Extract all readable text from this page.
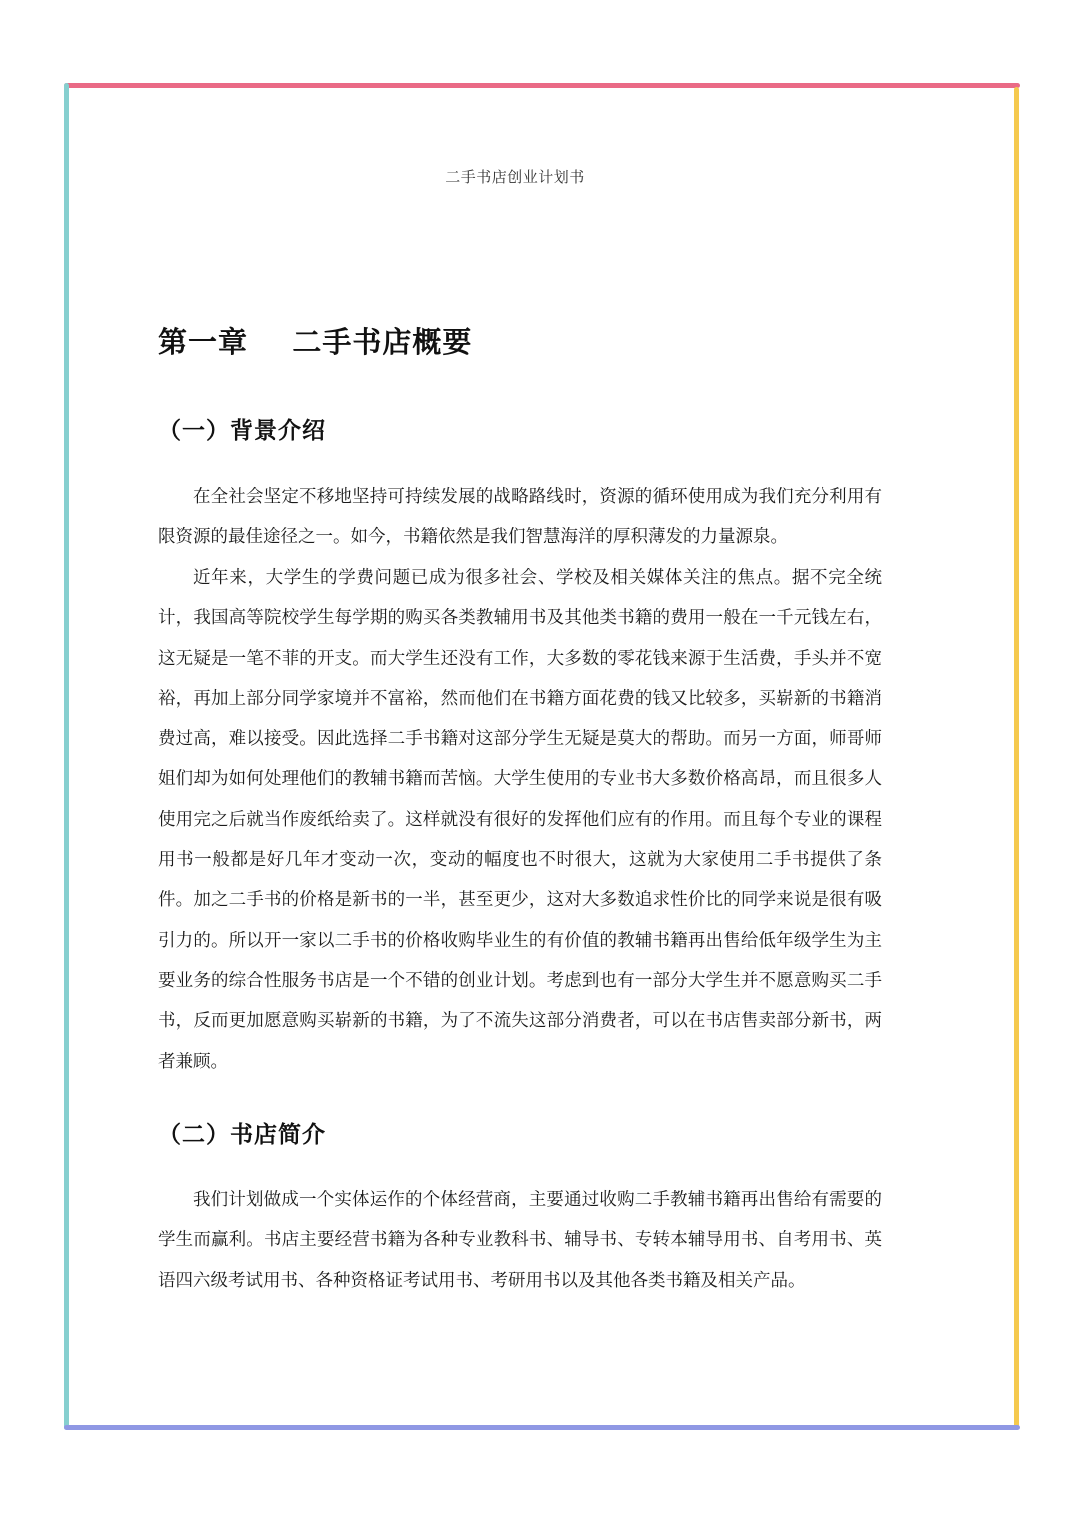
二手书店创业计划书
第一章    二手书店概要
（一）背景介绍

在全社会坚定不移地坚持可持续发展的战略路线时，资源的循环使用成为我们充分利用有限资源的最佳途径之一。如今，书籍依然是我们智慧海洋的厚积薄发的力量源泉。

近年来，大学生的学费问题已成为很多社会、学校及相关媒体关注的焦点。据不完全统计，我国高等院校学生每学期的购买各类教辅用书及其他类书籍的费用一般在一千元钱左右，这无疑是一笔不菲的开支。而大学生还没有工作，大多数的零花钱来源于生活费，手头并不宽裕，再加上部分同学家境并不富裕，然而他们在书籍方面花费的钱又比较多，买崭新的书籍消费过高，难以接受。因此选择二手书籍对这部分学生无疑是莫大的帮助。而另一方面，师哥师姐们却为如何处理他们的教辅书籍而苦恼。大学生使用的专业书大多数价格高昂，而且很多人使用完之后就当作废纸给卖了。这样就没有很好的发挥他们应有的作用。而且每个专业的课程用书一般都是好几年才变动一次，变动的幅度也不时很大，这就为大家使用二手书提供了条件。加之二手书的价格是新书的一半，甚至更少，这对大多数追求性价比的同学来说是很有吸引力的。所以开一家以二手书的价格收购毕业生的有价值的教辅书籍再出售给低年级学生为主要业务的综合性服务书店是一个不错的创业计划。考虑到也有一部分大学生并不愿意购买二手书，反而更加愿意购买崭新的书籍，为了不流失这部分消费者，可以在书店售卖部分新书，两者兼顾。

（二）书店简介

我们计划做成一个实体运作的个体经营商，主要通过收购二手教辅书籍再出售给有需要的学生而赢利。书店主要经营书籍为各种专业教科书、辅导书、专转本辅导用书、自考用书、英语四六级考试用书、各种资格证考试用书、考研用书以及其他各类书籍及相关产品。
